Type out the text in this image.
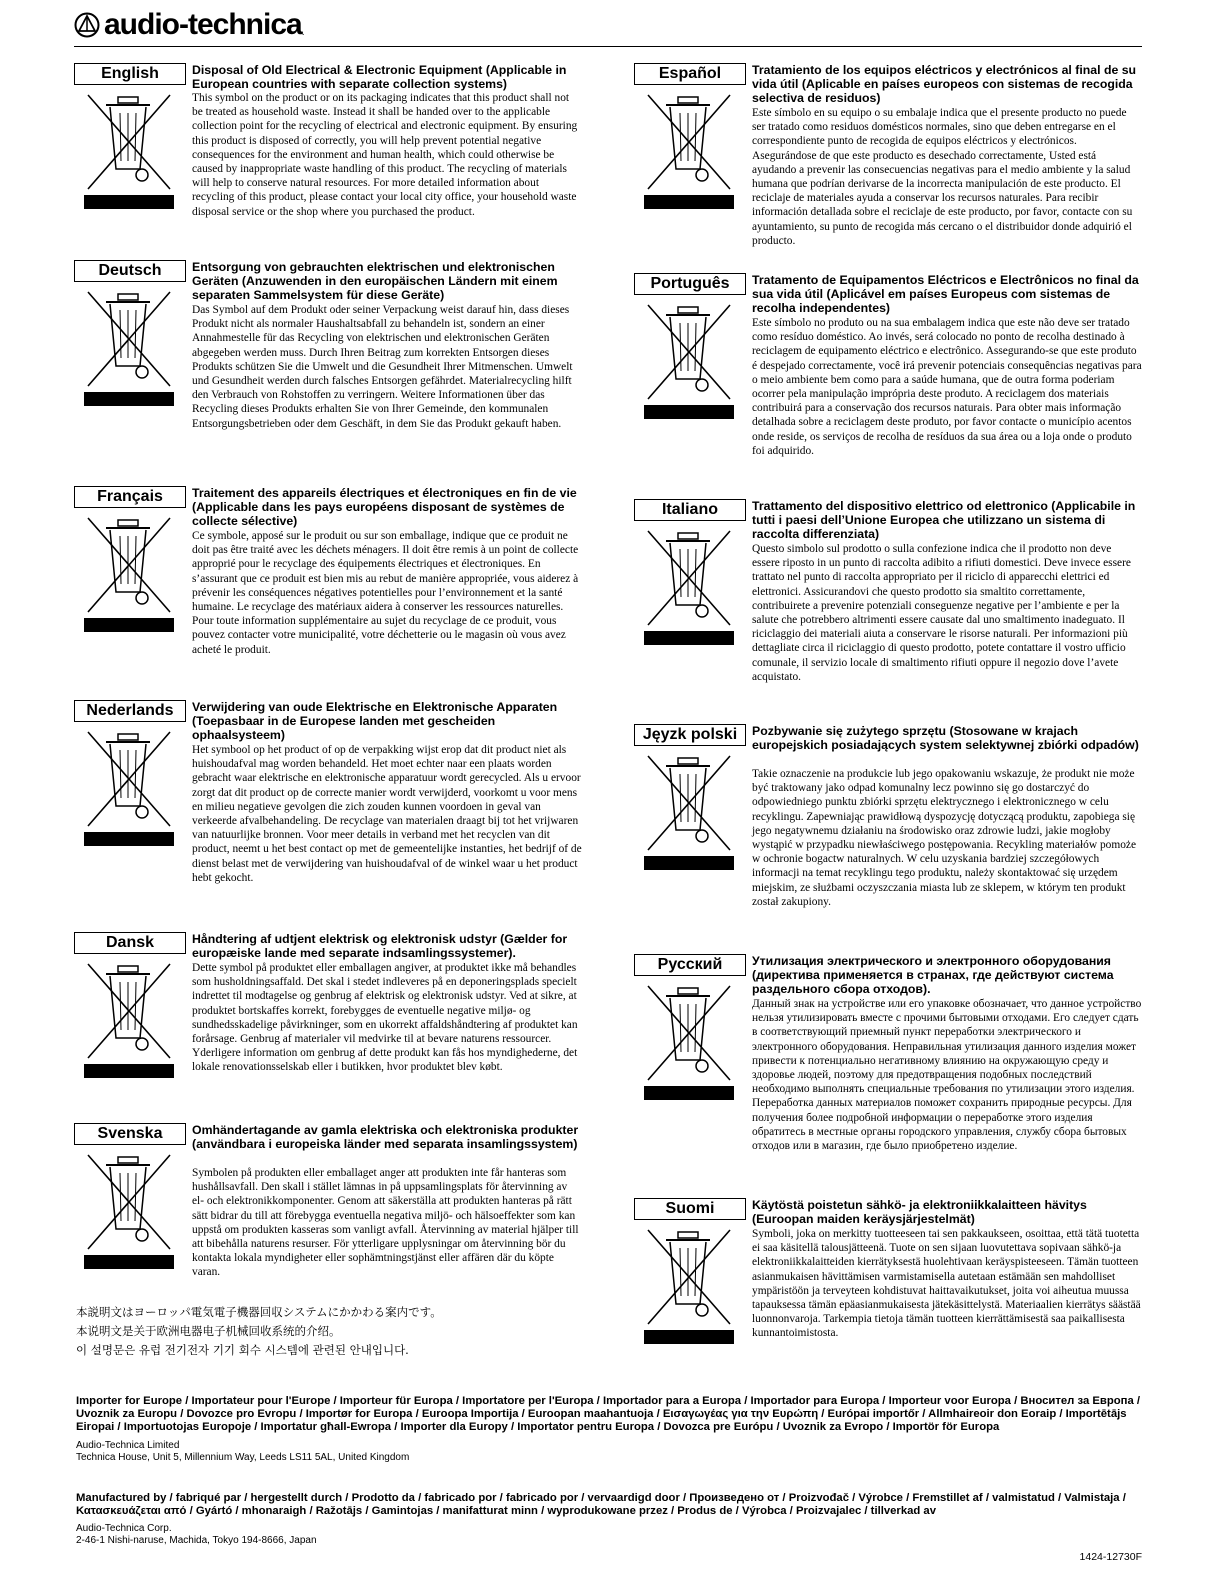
audio-technica .
English	Disposal of Old Electrical & Electronic Equipment (Applicable in European countries with separate collection systems)
This symbol on the product or on its packaging indicates that this product shall not be treated as household waste. Instead it shall be handed over to the applicable collection point for the recycling of electrical and electronic equipment. By ensuring this product is disposed of correctly, you will help prevent potential negative consequences for the environment and human health, which could otherwise be caused by inappropriate waste handling of this product. The recycling of materials will help to conserve natural resources. For more detailed information about recycling of this product, please contact your local city office, your household waste disposal service or the shop where you purchased the product.
Deutsch	Entsorgung von gebrauchten elektrischen und elektronischen Geräten (Anzuwenden in den europäischen Ländern mit einem separaten Sammelsystem für diese Geräte)
Das Symbol auf dem Produkt oder seiner Verpackung weist darauf hin, dass dieses Produkt nicht als normaler Haushaltsabfall zu behandeln ist, sondern an einer Annahmestelle für das Recycling von elektrischen und elektronischen Geräten abgegeben werden muss. Durch Ihren Beitrag zum korrekten Entsorgen dieses Produkts schützen Sie die Umwelt und die Gesundheit Ihrer Mitmenschen. Umwelt und Gesundheit werden durch falsches Entsorgen gefährdet. Materialrecycling hilft den Verbrauch von Rohstoffen zu verringern. Weitere Informationen über das Recycling dieses Produkts erhalten Sie von Ihrer Gemeinde, den kommunalen Entsorgungsbetrieben oder dem Geschäft, in dem Sie das Produkt gekauft haben.
Français	Traitement des appareils électriques et électroniques en fin de vie (Applicable dans les pays européens disposant de systèmes de collecte sélective)
Ce symbole, apposé sur le produit ou sur son emballage, indique que ce produit ne doit pas être traité avec les déchets ménagers. Il doit être remis à un point de collecte approprié pour le recyclage des équipements électriques et électroniques. En s’assurant que ce produit est bien mis au rebut de manière appropriée, vous aiderez à prévenir les conséquences négatives potentielles pour l’environnement et la santé humaine. Le recyclage des matériaux aidera à conserver les ressources naturelles. Pour toute information supplémentaire au sujet du recyclage de ce produit, vous pouvez contacter votre municipalité, votre déchetterie ou le magasin où vous avez acheté le produit.
Nederlands	Verwijdering van oude Elektrische en Elektronische Apparaten (Toepasbaar in de Europese landen met gescheiden ophaalsysteem)
Het symbool op het product of op de verpakking wijst erop dat dit product niet als huishoudafval mag worden behandeld. Het moet echter naar een plaats worden gebracht waar elektrische en elektronische apparatuur wordt gerecycled. Als u ervoor zorgt dat dit product op de correcte manier wordt verwijderd, voorkomt u voor mens en milieu negatieve gevolgen die zich zouden kunnen voordoen in geval van verkeerde afvalbehandeling. De recyclage van materialen draagt bij tot het vrijwaren van natuurlijke bronnen. Voor meer details in verband met het recyclen van dit product, neemt u het best contact op met de gemeentelijke instanties, het bedrijf of de dienst belast met de verwijdering van huishoudafval of de winkel waar u het product hebt gekocht.
Dansk	Håndtering af udtjent elektrisk og elektronisk udstyr (Gælder for europæiske lande med separate indsamlingssystemer).
Dette symbol på produktet eller emballagen angiver, at produktet ikke må behandles som husholdningsaffald. Det skal i stedet indleveres på en deponeringsplads specielt indrettet til modtagelse og genbrug af elektrisk og elektronisk udstyr. Ved at sikre, at produktet bortskaffes korrekt, forebygges de eventuelle negative miljø- og sundhedsskadelige påvirkninger, som en ukorrekt affaldshåndtering af produktet kan forårsage. Genbrug af materialer vil medvirke til at bevare naturens ressourcer. Yderligere information om genbrug af dette produkt kan fås hos myndighederne, det lokale renovationsselskab eller i butikken, hvor produktet blev købt.
Svenska	Omhändertagande av gamla elektriska och elektroniska produkter (användbara i europeiska länder med separata insamlingssystem)
Symbolen på produkten eller emballaget anger att produkten inte får hanteras som hushållsavfall. Den skall i stället lämnas in på uppsamlingsplats för återvinning av el- och elektronikkomponenter. Genom att säkerställa att produkten hanteras på rätt sätt bidrar du till att förebygga eventuella negativa miljö- och hälsoeffekter som kan uppstå om produkten kasseras som vanligt avfall. Återvinning av material hjälper till att bibehålla naturens resurser. För ytterligare upplysningar om återvinning bör du kontakta lokala myndigheter eller sophämtningstjänst eller affären där du köpte varan.
Español	Tratamiento de los equipos eléctricos y electrónicos al final de su vida útil (Aplicable en países europeos con sistemas de recogida selectiva de residuos)
Este símbolo en su equipo o su embalaje indica que el presente producto no puede ser tratado como residuos domésticos normales, sino que deben entregarse en el correspondiente punto de recogida de equipos eléctricos y electrónicos. Asegurándose de que este producto es desechado correctamente, Usted está ayudando a prevenir las consecuencias negativas para el medio ambiente y la salud humana que podrían derivarse de la incorrecta manipulación de este producto. El reciclaje de materiales ayuda a conservar los recursos naturales. Para recibir información detallada sobre el reciclaje de este producto, por favor, contacte con su ayuntamiento, su punto de recogida más cercano o el distribuidor donde adquirió el producto.
Português	Tratamento de Equipamentos Eléctricos e Electrônicos no final da sua vida útil (Aplicável em países Europeus com sistemas de recolha independentes)
Este símbolo no produto ou na sua embalagem indica que este não deve ser tratado como resíduo doméstico. Ao invés, será colocado no ponto de recolha destinado à reciclagem de equipamento eléctrico e electrônico. Assegurando-se que este produto é despejado correctamente, você irá prevenir potenciais consequências negativas para o meio ambiente bem como para a saúde humana, que de outra forma poderiam ocorrer pela manipulação imprópria deste produto. A reciclagem dos materiais contribuirá para a conservação dos recursos naturais. Para obter mais informação detalhada sobre a reciclagem deste produto, por favor contacte o município acentos onde reside, os serviços de recolha de resíduos da sua área ou a loja onde o produto foi adquirido.
Italiano	Trattamento del dispositivo elettrico od elettronico (Applicabile in tutti i paesi dell’Unione Europea che utilizzano un sistema di raccolta differenziata)
Questo simbolo sul prodotto o sulla confezione indica che il prodotto non deve essere riposto in un punto di raccolta adibito a rifiuti domestici. Deve invece essere trattato nel punto di raccolta appropriato per il riciclo di apparecchi elettrici ed elettronici. Assicurandovi che questo prodotto sia smaltito correttamente, contribuirete a prevenire potenziali conseguenze negative per l’ambiente e per la salute che potrebbero altrimenti essere causate dal uno smaltimento inadeguato. Il riciclaggio dei materiali aiuta a conservare le risorse naturali. Per informazioni più dettagliate circa il riciclaggio di questo prodotto, potete contattare il vostro ufficio comunale, il servizio locale di smaltimento rifiuti oppure il negozio dove l’avete acquistato.
Jęyzk polski	Pozbywanie się zużytego sprzętu (Stosowane w krajach europejskich posiadających system selektywnej zbiórki odpadów)
Takie oznaczenie na produkcie lub jego opakowaniu wskazuje, że produkt nie może być traktowany jako odpad komunalny lecz powinno się go dostarczyć do odpowiedniego punktu zbiórki sprzętu elektrycznego i elektronicznego w celu recyklingu. Zapewniając prawidłową dyspozycję dotyczącą produktu, zapobiega się jego negatywnemu działaniu na środowisko oraz zdrowie ludzi, jakie mogłoby wystąpić w przypadku niewłaściwego postępowania. Recykling materiałów pomoże w ochronie bogactw naturalnych. W celu uzyskania bardziej szczegółowych informacji na temat recyklingu tego produktu, należy skontaktować się urzędem miejskim, ze służbami oczyszczania miasta lub ze sklepem, w którym ten produkt został zakupiony.
Русский	Утилизация электрического и электронного оборудования (директива применяется в странах, где действуют система раздельного сбора отходов).
Данный знак на устройстве или его упаковке обозначает, что данное устройство нельзя утилизировать вместе с прочими бытовыми отходами. Его следует сдать в соответствующий приемный пункт переработки электрического и электронного оборудования. Неправильная утилизация данного изделия может привести к потенциально негативному влиянию на окружающую среду и здоровье людей, поэтому для предотвращения подобных последствий необходимо выполнять специальные требования по утилизации этого изделия. Переработка данных материалов поможет сохранить природные ресурсы. Для получения более подробной информации о переработке этого изделия обратитесь в местные органы городского управления, службу сбора бытовых отходов или в магазин, где было приобретено изделие.
Suomi	Käytöstä poistetun sähkö- ja elektroniikkalaitteen hävitys (Euroopan maiden keräysjärjestelmät)
Symboli, joka on merkitty tuotteeseen tai sen pakkaukseen, osoittaa, että tätä tuotetta ei saa käsitellä talousjätteenä. Tuote on sen sijaan luovutettava sopivaan sähkö-ja elektroniikkalaitteiden kierrätyksestä huolehtivaan keräyspisteeseen. Tämän tuotteen asianmukaisen hävittämisen varmistamisella autetaan estämään sen mahdolliset ympäristöön ja terveyteen kohdistuvat haittavaikutukset, joita voi aiheutua muussa tapauksessa tämän epäasianmukaisesta jätekäsittelystä. Materiaalien kierrätys säästää luonnonvaroja. Tarkempia tietoja tämän tuotteen kierrättämisestä saa paikallisesta kunnantoimistosta.
本説明文はヨーロッパ電気電子機器回収システムにかかわる案内です。
本说明文是关于欧洲电器电子机械回收系统的介绍。
이 설명문은 유럽 전기전자 기기 회수 시스템에 관련된 안내입니다.
Importer for Europe / Importateur pour l'Europe / Importeur für Europa / Importatore per l'Europa / Importador para a Europa / Importador para Europa / Importeur voor Europa / Вносител за Европа / Uvoznik za Europu / Dovozce pro Evropu / Importør for Europa / Euroopa Importija / Euroopan maahantuoja / Εισαγωγέας για την Ευρώπη / Európai importőr / Allmhaireoir don Eoraip / Importētājs Eiropai / Importuotojas Europoje / Importatur għall-Ewropa / Importer dla Europy / Importator pentru Europa / Dovozca pre Európu / Uvoznik za Evropo / Importör för Europa
Audio-Technica Limited
Technica House, Unit 5, Millennium Way, Leeds LS11 5AL, United Kingdom
Manufactured by / fabriqué par / hergestellt durch / Prodotto da / fabricado por / fabricado por / vervaardigd door / Произведено от / Proizvođač / Výrobce / Fremstillet af / valmistatud / Valmistaja / Κατασκευάζεται από / Gyártó / mhonaraigh / Ražotājs / Gamintojas / manifatturat minn / wyprodukowane przez / Produs de / Výrobca / Proizvajalec / tillverkad av
Audio-Technica Corp.
2-46-1 Nishi-naruse, Machida, Tokyo 194-8666, Japan
1424-12730F
